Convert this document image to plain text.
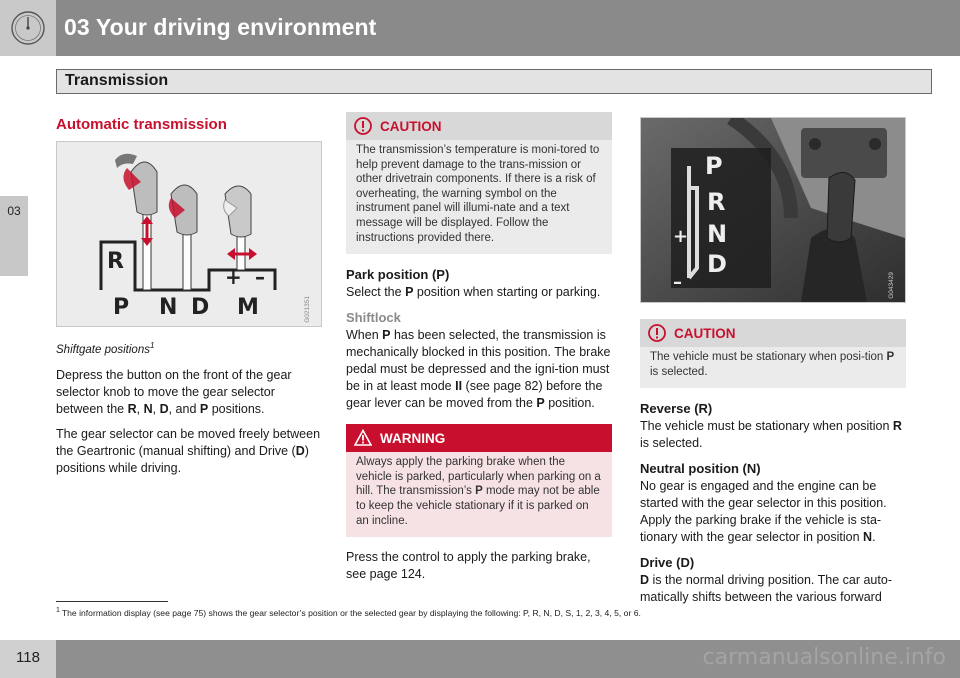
03 Your driving environment
Transmission
03
Automatic transmission
R
+ –
P N D M	G021351
Shiftgate positions$^1$

Depress the button on the front of the gear selector knob to move the gear selector between the R, N, D, and P positions.

The gear selector can be moved freely between the Geartronic (manual shifting) and Drive (D) positions while driving.

CAUTION
The transmission’s temperature is moni-tored to help prevent damage to the trans-mission or other drivetrain components. If there is a risk of overheating, the warning symbol on the instrument panel will illumi-nate and a text message will be displayed. Follow the instructions provided there.
Park position (P)

Select the P position when starting or parking.

Shiftlock

When P has been selected, the transmission is mechanically blocked in this position. The brake pedal must be depressed and the igni-tion must be in at least mode II (see page 82) before the gear lever can be moved from the P position.

WARNING
Always apply the parking brake when the vehicle is parked, particularly when parking on a hill. The transmission’s P mode may not be able to keep the vehicle stationary if it is parked on an incline.

Press the control to apply the parking brake, see page 124.

P
R
N
D
+
–	G043429
CAUTION
The vehicle must be stationary when posi-tion P is selected.
Reverse (R)

The vehicle must be stationary when position R is selected.

Neutral position (N)

No gear is engaged and the engine can be started with the gear selector in this position. Apply the parking brake if the vehicle is sta-tionary with the gear selector in position N.

Drive (D)

D is the normal driving position. The car auto-matically shifts between the various forward

$^1$ The information display (see page 75) shows the gear selector’s position or the selected gear by displaying the following: P, R, N, D, S, 1, 2, 3, 4, 5, or 6.
118	carmanualsonline.info
